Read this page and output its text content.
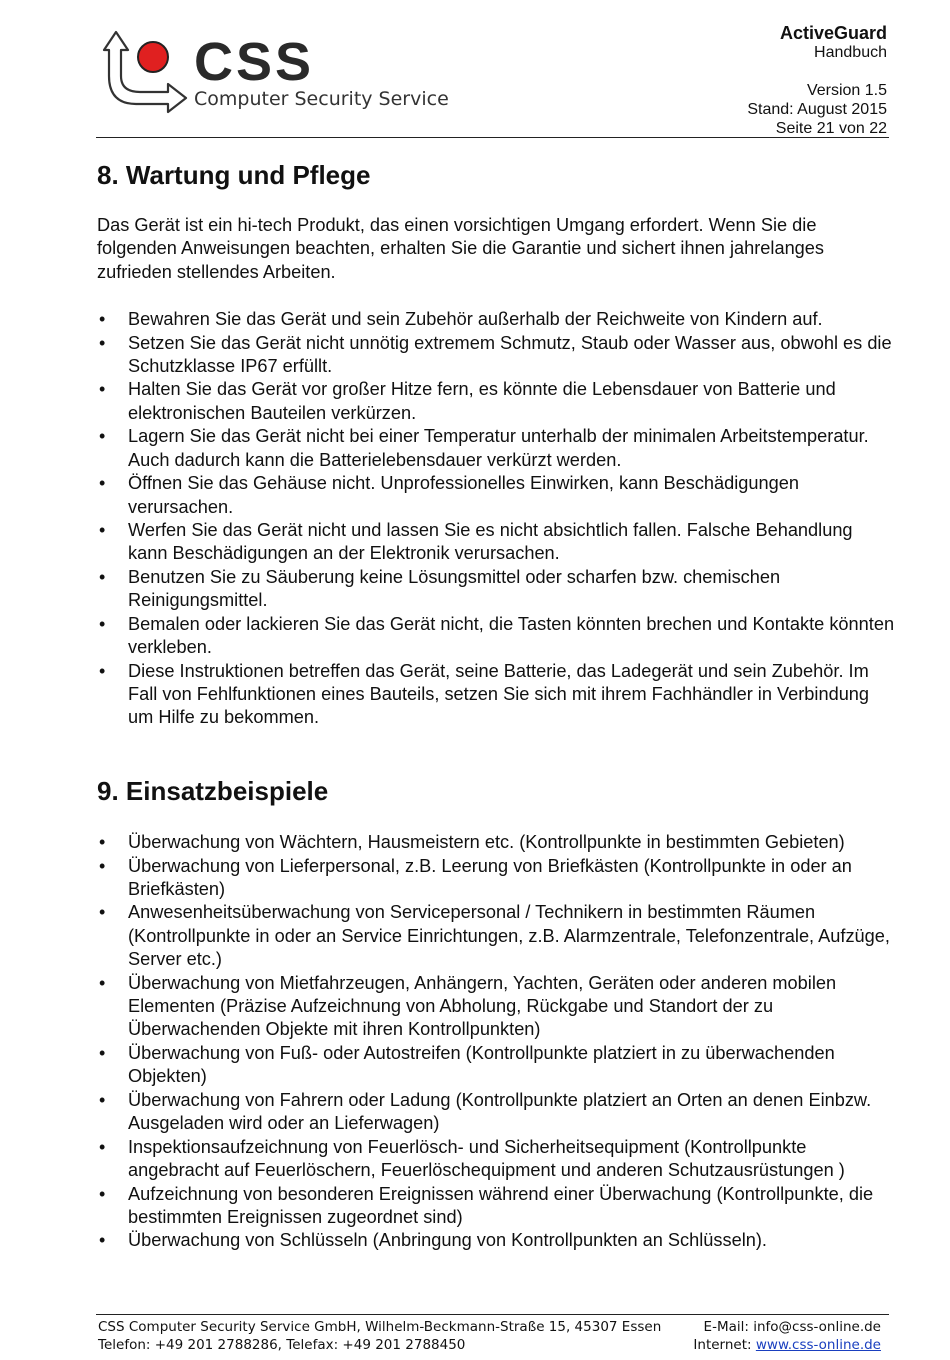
CSS
Computer Security Service
ActiveGuard
Handbuch
Version 1.5
Stand: August 2015
Seite 21 von 22
8. Wartung und Pflege

Das Gerät ist ein hi-tech Produkt, das einen vorsichtigen Umgang erfordert. Wenn Sie die folgenden Anweisungen beachten, erhalten Sie die Garantie und sichert ihnen jahrelanges zufrieden stellendes Arbeiten.

• Bewahren Sie das Gerät und sein Zubehör außerhalb der Reichweite von Kindern auf.
• Setzen Sie das Gerät nicht unnötig extremem Schmutz, Staub oder Wasser aus, obwohl es die Schutzklasse IP67 erfüllt.
• Halten Sie das Gerät vor großer Hitze fern, es könnte die Lebensdauer von Batterie und elektronischen Bauteilen verkürzen.
• Lagern Sie das Gerät nicht bei einer Temperatur unterhalb der minimalen Arbeitstemperatur. Auch dadurch kann die Batterielebensdauer verkürzt werden.
• Öffnen Sie das Gehäuse nicht. Unprofessionelles Einwirken, kann Beschädigungen verursachen.
• Werfen Sie das Gerät nicht und lassen Sie es nicht absichtlich fallen. Falsche Behandlung kann Beschädigungen an der Elektronik verursachen.
• Benutzen Sie zu Säuberung keine Lösungsmittel oder scharfen bzw. chemischen Reinigungsmittel.
• Bemalen oder lackieren Sie das Gerät nicht, die Tasten könnten brechen und Kontakte könnten verkleben.
• Diese Instruktionen betreffen das Gerät, seine Batterie, das Ladegerät und sein Zubehör. Im Fall von Fehlfunktionen eines Bauteils, setzen Sie sich mit ihrem Fachhändler in Verbindung um Hilfe zu bekommen.
9. Einsatzbeispiele
• Überwachung von Wächtern, Hausmeistern etc. (Kontrollpunkte in bestimmten Gebieten)
• Überwachung von Lieferpersonal, z.B. Leerung von Briefkästen (Kontrollpunkte in oder an Briefkästen)
• Anwesenheitsüberwachung von Servicepersonal / Technikern in bestimmten Räumen (Kontrollpunkte in oder an Service Einrichtungen, z.B. Alarmzentrale, Telefonzentrale, Aufzüge, Server etc.)
• Überwachung von Mietfahrzeugen, Anhängern, Yachten, Geräten oder anderen mobilen Elementen (Präzise Aufzeichnung von Abholung, Rückgabe und Standort der zu Überwachenden Objekte mit ihren Kontrollpunkten)
• Überwachung von Fuß- oder Autostreifen (Kontrollpunkte platziert in zu überwachenden Objekten)
• Überwachung von Fahrern oder Ladung (Kontrollpunkte platziert an Orten an denen Einbzw. Ausgeladen wird oder an Lieferwagen)
• Inspektionsaufzeichnung von Feuerlösch- und Sicherheitsequipment (Kontrollpunkte angebracht auf Feuerlöschern, Feuerlöschequipment und anderen Schutzausrüstungen )
• Aufzeichnung von besonderen Ereignissen während einer Überwachung (Kontrollpunkte, die bestimmten Ereignissen zugeordnet sind)
• Überwachung von Schlüsseln (Anbringung von Kontrollpunkten an Schlüsseln).
CSS Computer Security Service GmbH, Wilhelm-Beckmann-Straße 15, 45307 Essen
Telefon: +49 201 2788286, Telefax: +49 201 2788450
E-Mail: info@css-online.de
Internet: www.css-online.de
